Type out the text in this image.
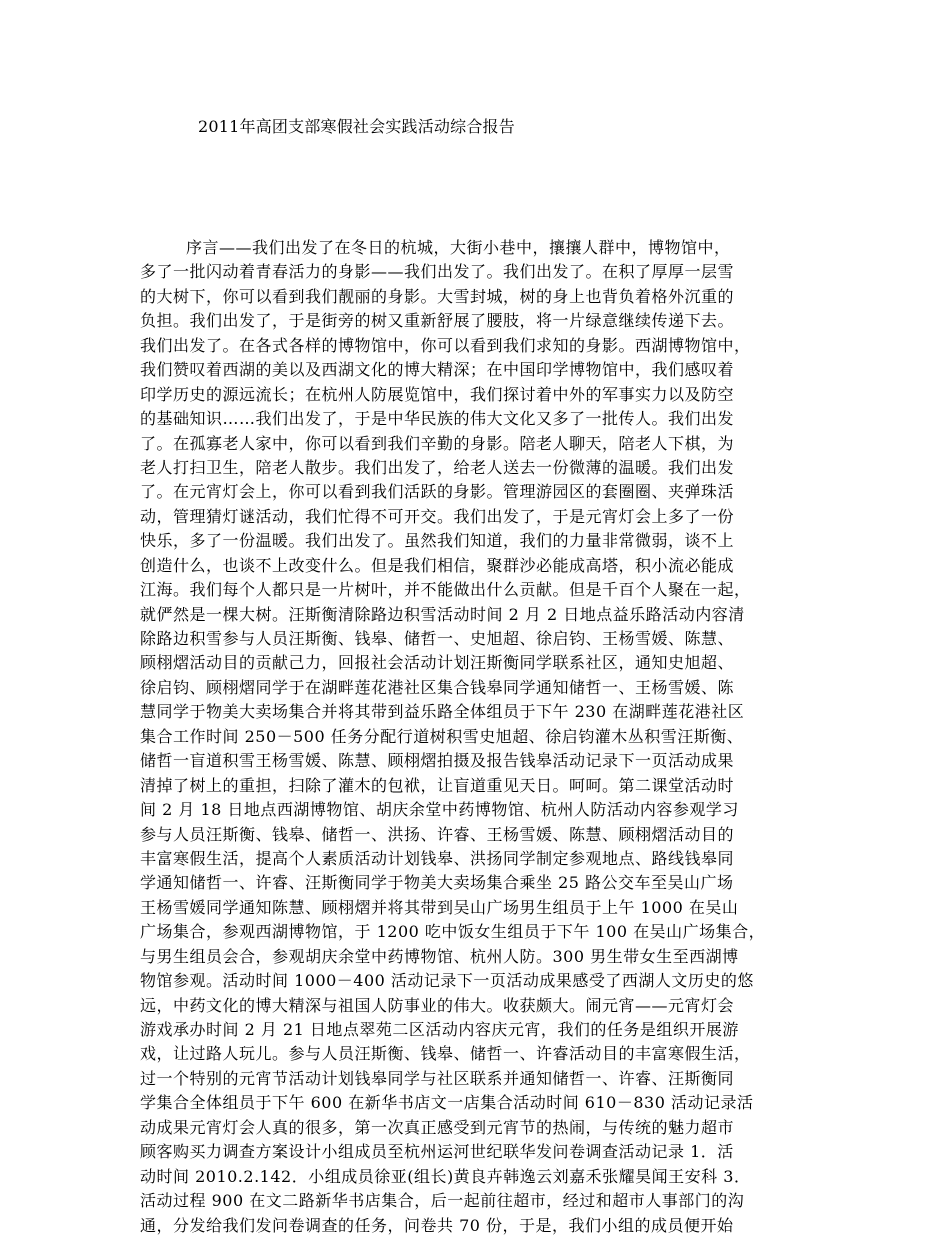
2011年高团支部寒假社会实践活动综合报告
序言——我们出发了在冬日的杭城，大街小巷中，攘攘人群中，博物馆中，
多了一批闪动着青春活力的身影——我们出发了。我们出发了。在积了厚厚一层雪
的大树下，你可以看到我们靓丽的身影。大雪封城，树的身上也背负着格外沉重的
负担。我们出发了，于是街旁的树又重新舒展了腰肢，将一片绿意继续传递下去。
我们出发了。在各式各样的博物馆中，你可以看到我们求知的身影。西湖博物馆中，
我们赞叹着西湖的美以及西湖文化的博大精深；在中国印学博物馆中，我们感叹着
印学历史的源远流长；在杭州人防展览馆中，我们探讨着中外的军事实力以及防空
的基础知识……我们出发了，于是中华民族的伟大文化又多了一批传人。我们出发
了。在孤寡老人家中，你可以看到我们辛勤的身影。陪老人聊天，陪老人下棋，为
老人打扫卫生，陪老人散步。我们出发了，给老人送去一份微薄的温暖。我们出发
了。在元宵灯会上，你可以看到我们活跃的身影。管理游园区的套圈圈、夹弹珠活
动，管理猜灯谜活动，我们忙得不可开交。我们出发了，于是元宵灯会上多了一份
快乐，多了一份温暖。我们出发了。虽然我们知道，我们的力量非常微弱，谈不上
创造什么，也谈不上改变什么。但是我们相信，聚群沙必能成高塔，积小流必能成
江海。我们每个人都只是一片树叶，并不能做出什么贡献。但是千百个人聚在一起，
就俨然是一棵大树。汪斯衡清除路边积雪活动时间 2 月 2 日地点益乐路活动内容清
除路边积雪参与人员汪斯衡、钱皋、储哲一、史旭超、徐启钧、王杨雪媛、陈慧、
顾栩熠活动目的贡献己力，回报社会活动计划汪斯衡同学联系社区，通知史旭超、
徐启钧、顾栩熠同学于在湖畔莲花港社区集合钱皋同学通知储哲一、王杨雪媛、陈
慧同学于物美大卖场集合并将其带到益乐路全体组员于下午 230 在湖畔莲花港社区
集合工作时间 250－500 任务分配行道树积雪史旭超、徐启钧灌木丛积雪汪斯衡、
储哲一盲道积雪王杨雪媛、陈慧、顾栩熠拍摄及报告钱皋活动记录下一页活动成果
清掉了树上的重担，扫除了灌木的包袱，让盲道重见天日。呵呵。第二课堂活动时
间 2 月 18 日地点西湖博物馆、胡庆余堂中药博物馆、杭州人防活动内容参观学习
参与人员汪斯衡、钱皋、储哲一、洪扬、许睿、王杨雪媛、陈慧、顾栩熠活动目的
丰富寒假生活，提高个人素质活动计划钱皋、洪扬同学制定参观地点、路线钱皋同
学通知储哲一、许睿、汪斯衡同学于物美大卖场集合乘坐 25 路公交车至吴山广场
王杨雪媛同学通知陈慧、顾栩熠并将其带到吴山广场男生组员于上午 1000 在吴山
广场集合，参观西湖博物馆，于 1200 吃中饭女生组员于下午 100 在吴山广场集合，
与男生组员会合，参观胡庆余堂中药博物馆、杭州人防。300 男生带女生至西湖博
物馆参观。活动时间 1000－400 活动记录下一页活动成果感受了西湖人文历史的悠
远，中药文化的博大精深与祖国人防事业的伟大。收获颇大。闹元宵——元宵灯会
游戏承办时间 2 月 21 日地点翠苑二区活动内容庆元宵，我们的任务是组织开展游
戏，让过路人玩儿。参与人员汪斯衡、钱皋、储哲一、许睿活动目的丰富寒假生活，
过一个特别的元宵节活动计划钱皋同学与社区联系并通知储哲一、许睿、汪斯衡同
学集合全体组员于下午 600 在新华书店文一店集合活动时间 610－830 活动记录活
动成果元宵灯会人真的很多，第一次真正感受到元宵节的热闹，与传统的魅力超市
顾客购买力调查方案设计小组成员至杭州运河世纪联华发问卷调查活动记录 1．活
动时间 2010.2.142．小组成员徐亚(组长)黄良卉韩逸云刘嘉禾张耀昊闻王安科 3．
活动过程 900 在文二路新华书店集合，后一起前往超市，经过和超市人事部门的沟
通，分发给我们发问卷调查的任务，问卷共 70 份，于是，我们小组的成员便开始
